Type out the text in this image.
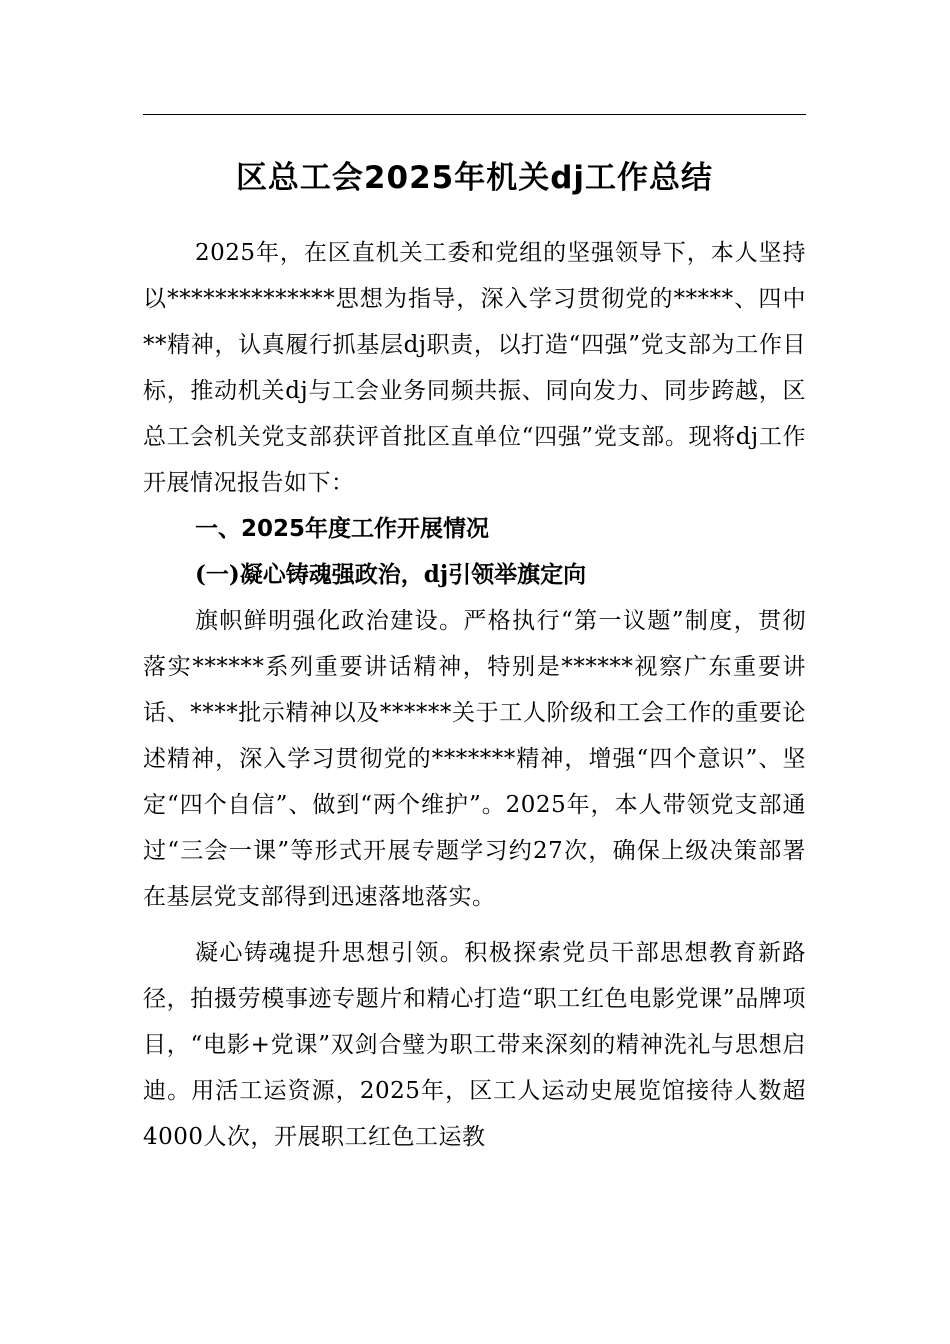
区总工会2025年机关dj工作总结

2025年，在区直机关工委和党组的坚强领导下，本人坚持以**************思想为指导，深入学习贯彻党的*****、四中**精神，认真履行抓基层dj职责，以打造“四强”党支部为工作目标，推动机关dj与工会业务同频共振、同向发力、同步跨越，区总工会机关党支部获评首批区直单位“四强”党支部。现将dj工作开展情况报告如下：

一、2025年度工作开展情况

(一)凝心铸魂强政治，dj引领举旗定向

旗帜鲜明强化政治建设。严格执行“第一议题”制度，贯彻落实******系列重要讲话精神，特别是******视察广东重要讲话、****批示精神以及******关于工人阶级和工会工作的重要论述精神，深入学习贯彻党的*******精神，增强“四个意识”、坚定“四个自信”、做到“两个维护”。2025年，本人带领党支部通过“三会一课”等形式开展专题学习约27次，确保上级决策部署在基层党支部得到迅速落地落实。

凝心铸魂提升思想引领。积极探索党员干部思想教育新路径，拍摄劳模事迹专题片和精心打造“职工红色电影党课”品牌项目，“电影+党课”双剑合璧为职工带来深刻的精神洗礼与思想启迪。用活工运资源，2025年，区工人运动史展览馆接待人数超4000人次，开展职工红色工运教
